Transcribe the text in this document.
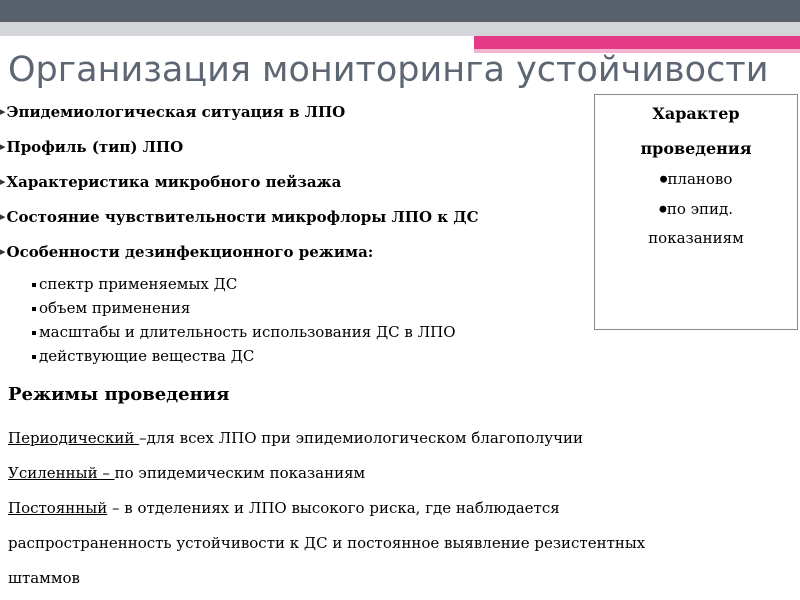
Организация мониторинга устойчивости
▸ Эпидемиологическая ситуация в ЛПО
▸ Профиль (тип) ЛПО
▸ Характеристика микробного пейзажа
▸ Состояние чувствительности микрофлоры ЛПО к ДС
▸ Особенности дезинфекционного режима:
спектр применяемых ДС
объем применения
масштабы и длительность использования ДС в ЛПО
действующие вещества ДС
Характер
проведения
●планово
●по эпид.
показаниям
Режимы проведения
Периодический –для всех ЛПО при эпидемиологическом благополучии
Усиленный – по эпидемическим показаниям
Постоянный – в отделениях и ЛПО высокого риска, где наблюдается
распространенность устойчивости к ДС и постоянное выявление резистентных
штаммов
